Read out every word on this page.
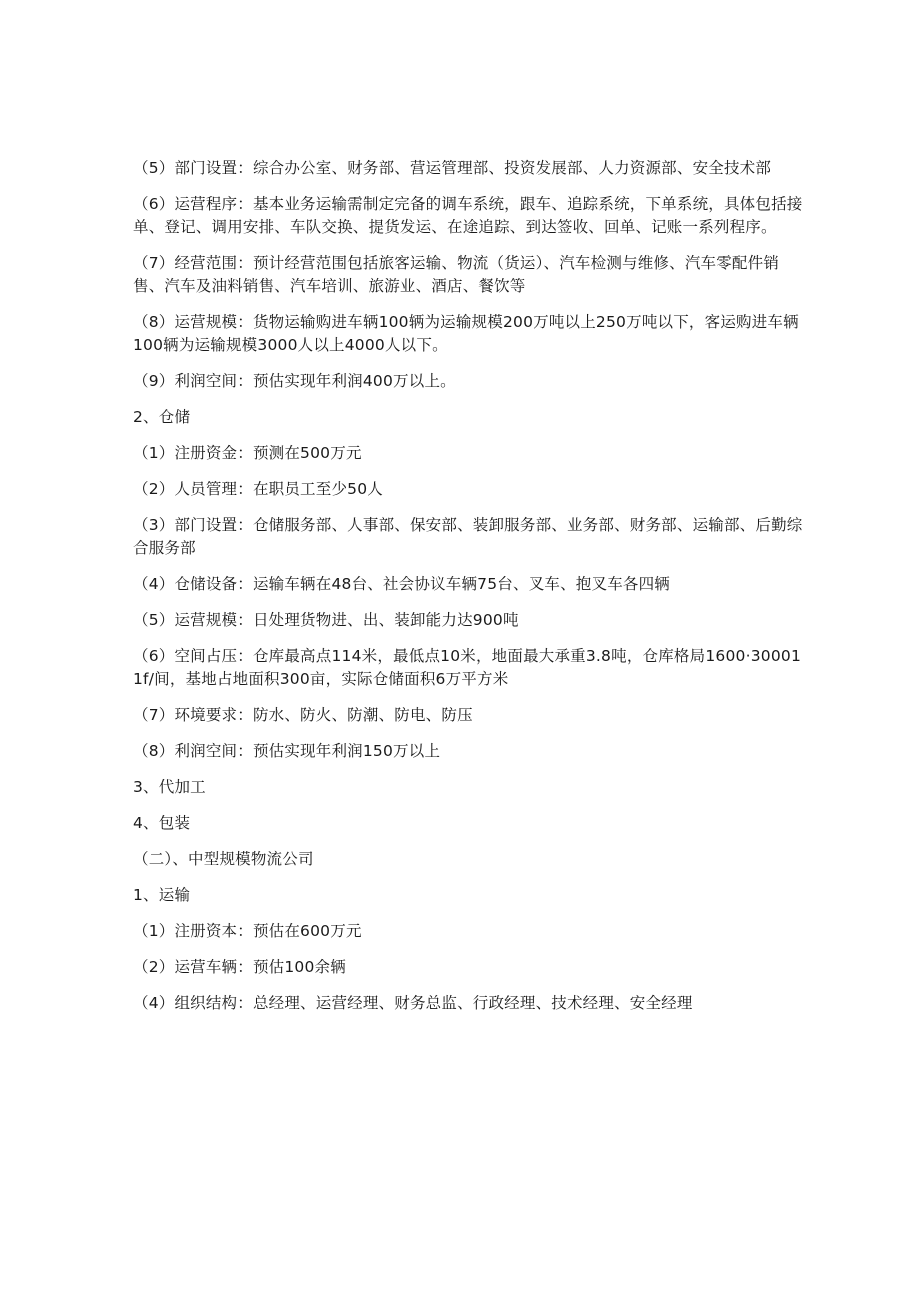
（5）部门设置：综合办公室、财务部、营运管理部、投资发展部、人力资源部、安全技术部

（6）运营程序：基本业务运输需制定完备的调车系统，跟车、追踪系统，下单系统，具体包括接单、登记、调用安排、车队交换、提货发运、在途追踪、到达签收、回单、记账一系列程序。

（7）经营范围：预计经营范围包括旅客运输、物流（货运）、汽车检测与维修、汽车零配件销售、汽车及油料销售、汽车培训、旅游业、酒店、餐饮等

（8）运营规模：货物运输购进车辆100辆为运输规模200万吨以上250万吨以下，客运购进车辆100辆为运输规模3000人以上4000人以下。

（9）利润空间：预估实现年利润400万以上。

2、仓储

（1）注册资金：预测在500万元

（2）人员管理：在职员工至少50人

（3）部门设置：仓储服务部、人事部、保安部、装卸服务部、业务部、财务部、运输部、后勤综合服务部

（4）仓储设备：运输车辆在48台、社会协议车辆75台、叉车、抱叉车各四辆

（5）运营规模：日处理货物进、出、装卸能力达900吨

（6）空间占压：仓库最高点114米，最低点10米，地面最大承重3.8吨，仓库格局1600·300011f/间，基地占地面积300亩，实际仓储面积6万平方米

（7）环境要求：防水、防火、防潮、防电、防压

（8）利润空间：预估实现年利润150万以上

3、代加工

4、包装

（二）、中型规模物流公司

1、运输

（1）注册资本：预估在600万元

（2）运营车辆：预估100余辆

（4）组织结构：总经理、运营经理、财务总监、行政经理、技术经理、安全经理
